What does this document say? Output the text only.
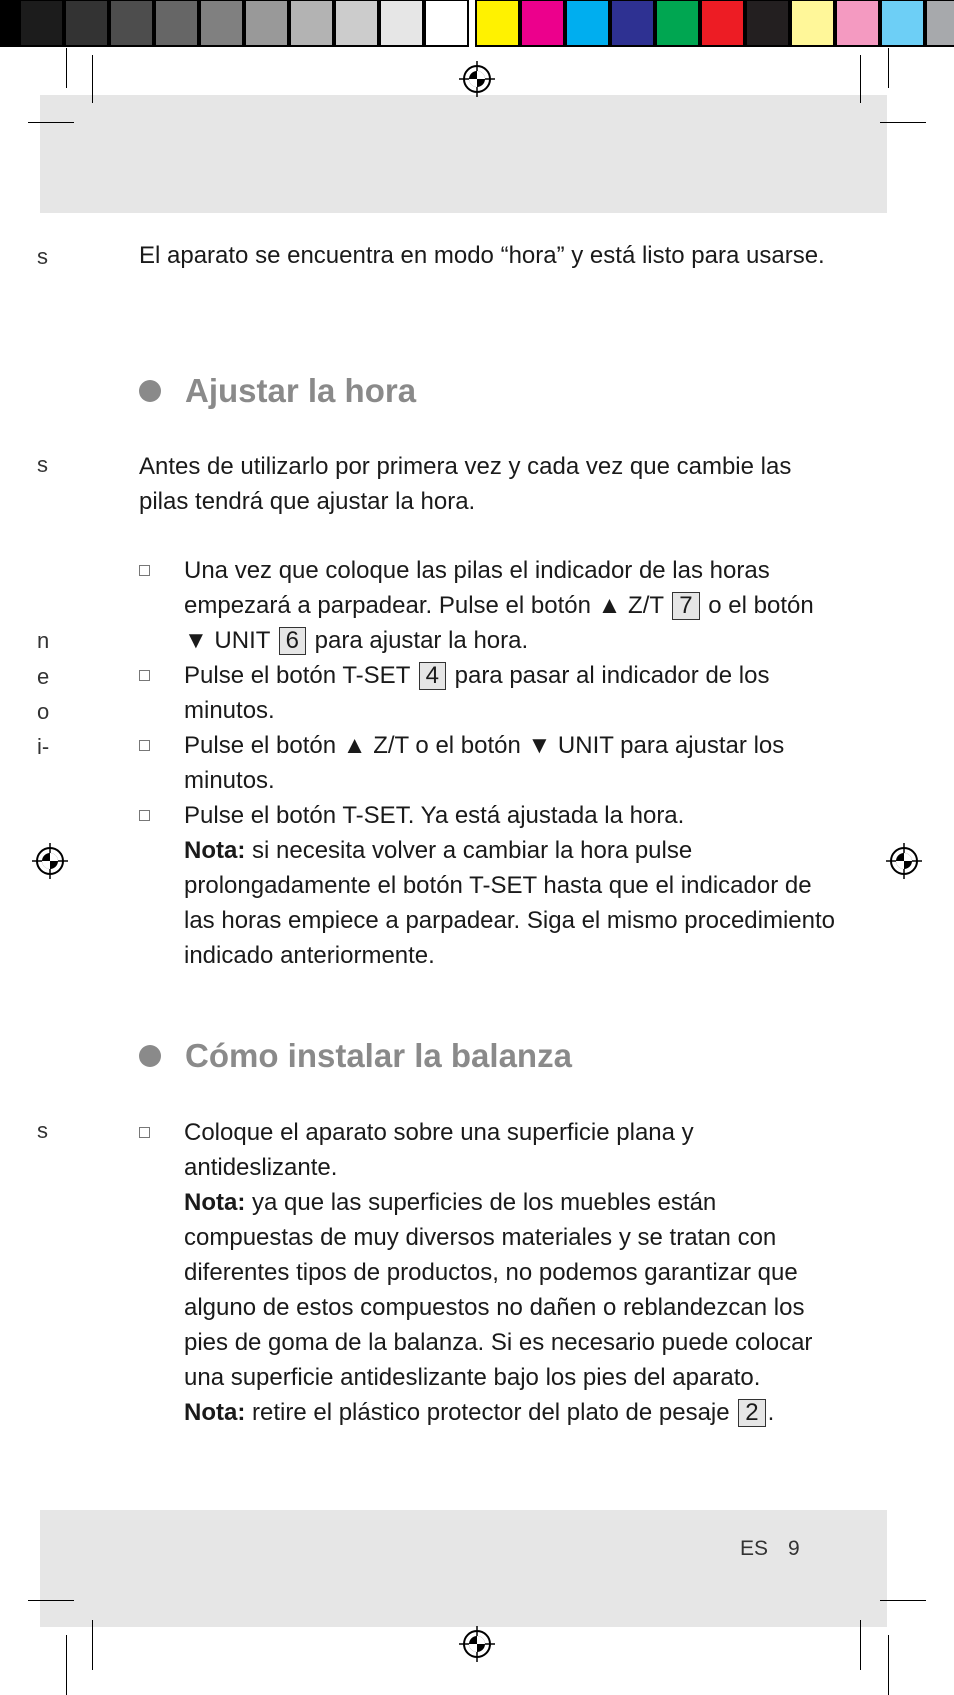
s
s
n
e
o
i-
s

El aparato se encuentra en modo “hora” y está listo para usarse.

Ajustar la hora

Antes de utilizarlo por primera vez y cada vez que cambie las pilas tendrá que ajustar la hora.

Una vez que coloque las pilas el indicador de las horas empezará a parpadear. Pulse el botón ▲ Z/T 7 o el botón ▼ UNIT 6 para ajustar la hora.
Pulse el botón T-SET 4 para pasar al indicador de los minutos.
Pulse el botón ▲ Z/T o el botón ▼ UNIT para ajustar los minutos.
Pulse el botón T-SET. Ya está ajustada la hora.
Nota: si necesita volver a cambiar la hora pulse prolongadamente el botón T-SET hasta que el indicador de las horas empiece a parpadear. Siga el mismo procedimiento indicado anteriormente.
Cómo instalar la balanza
Coloque el aparato sobre una superficie plana y antideslizante.
Nota: ya que las superficies de los muebles están compuestas de muy diversos materiales y se tratan con diferentes tipos de productos, no podemos garantizar que alguno de estos compuestos no dañen o reblandezcan los pies de goma de la balanza. Si es necesario puede colocar una superficie antideslizante bajo los pies del aparato.
Nota: retire el plástico protector del plato de pesaje 2 .
ES 9
